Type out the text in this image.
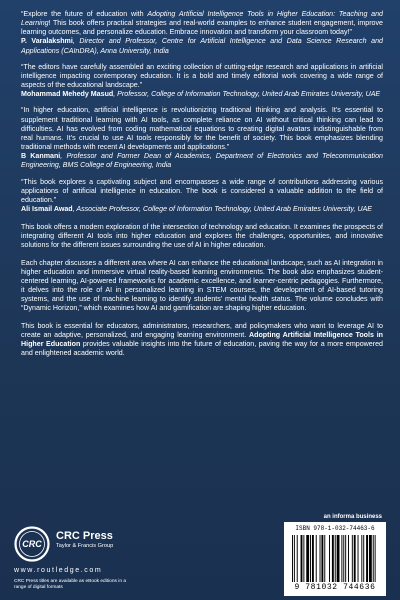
“Explore the future of education with Adopting Artificial Intelligence Tools in Higher Education: Teaching and Learning! This book offers practical strategies and real-world examples to enhance student engagement, improve learning outcomes, and personalize education. Embrace innovation and transform your classroom today!”
P. Varalakshmi, Director and Professor, Centre for Artificial Intelligence and Data Science Research and Applications (CAInDRA), Anna University, India
“The editors have carefully assembled an exciting collection of cutting-edge research and applications in artificial intelligence impacting contemporary education. It is a bold and timely editorial work covering a wide range of aspects of the educational landscape.”
Mohammad Mehedy Masud, Professor, College of Information Technology, United Arab Emirates University, UAE
“In higher education, artificial intelligence is revolutionizing traditional thinking and analysis. It’s essential to supplement traditional learning with AI tools, as complete reliance on AI without critical thinking can lead to difficulties. AI has evolved from coding mathematical equations to creating digital avatars indistinguishable from real humans. It’s crucial to use AI tools responsibly for the benefit of society. This book emphasizes blending traditional methods with recent AI developments and applications.”
B Kanmani, Professor and Former Dean of Academics, Department of Electronics and Telecommunication Engineering, BMS College of Engineering, India
“This book explores a captivating subject and encompasses a wide range of contributions addressing various applications of artificial intelligence in education. The book is considered a valuable addition to the field of education.”
Ali Ismail Awad, Associate Professor, College of Information Technology, United Arab Emirates University, UAE

This book offers a modern exploration of the intersection of technology and education. It examines the prospects of integrating different AI tools into higher education and explores the challenges, opportunities, and innovative solutions for the different issues surrounding the use of AI in higher education.

Each chapter discusses a different area where AI can enhance the educational landscape, such as AI integration in higher education and immersive virtual reality-based learning environments. The book also emphasizes student-centered learning, AI-powered frameworks for academic excellence, and learner-centric pedagogies. Furthermore, it delves into the role of AI in personalized learning in STEM courses, the development of AI-based tutoring systems, and the use of machine learning to identify students’ mental health status. The volume concludes with “Dynamic Horizon,” which examines how AI and gamification are shaping higher education.

This book is essential for educators, administrators, researchers, and policymakers who want to leverage AI to create an adaptive, personalized, and engaging learning environment. Adopting Artificial Intelligence Tools in Higher Education provides valuable insights into the future of education, paving the way for a more empowered and enlightened academic world.

an informa business
CRC
CRC Press
Taylor & Francis Group
www.routledge.com
CRC Press titles are available as eBook editions in a range of digital formats
ISBN 978-1-032-74463-6
9 781032 744636
